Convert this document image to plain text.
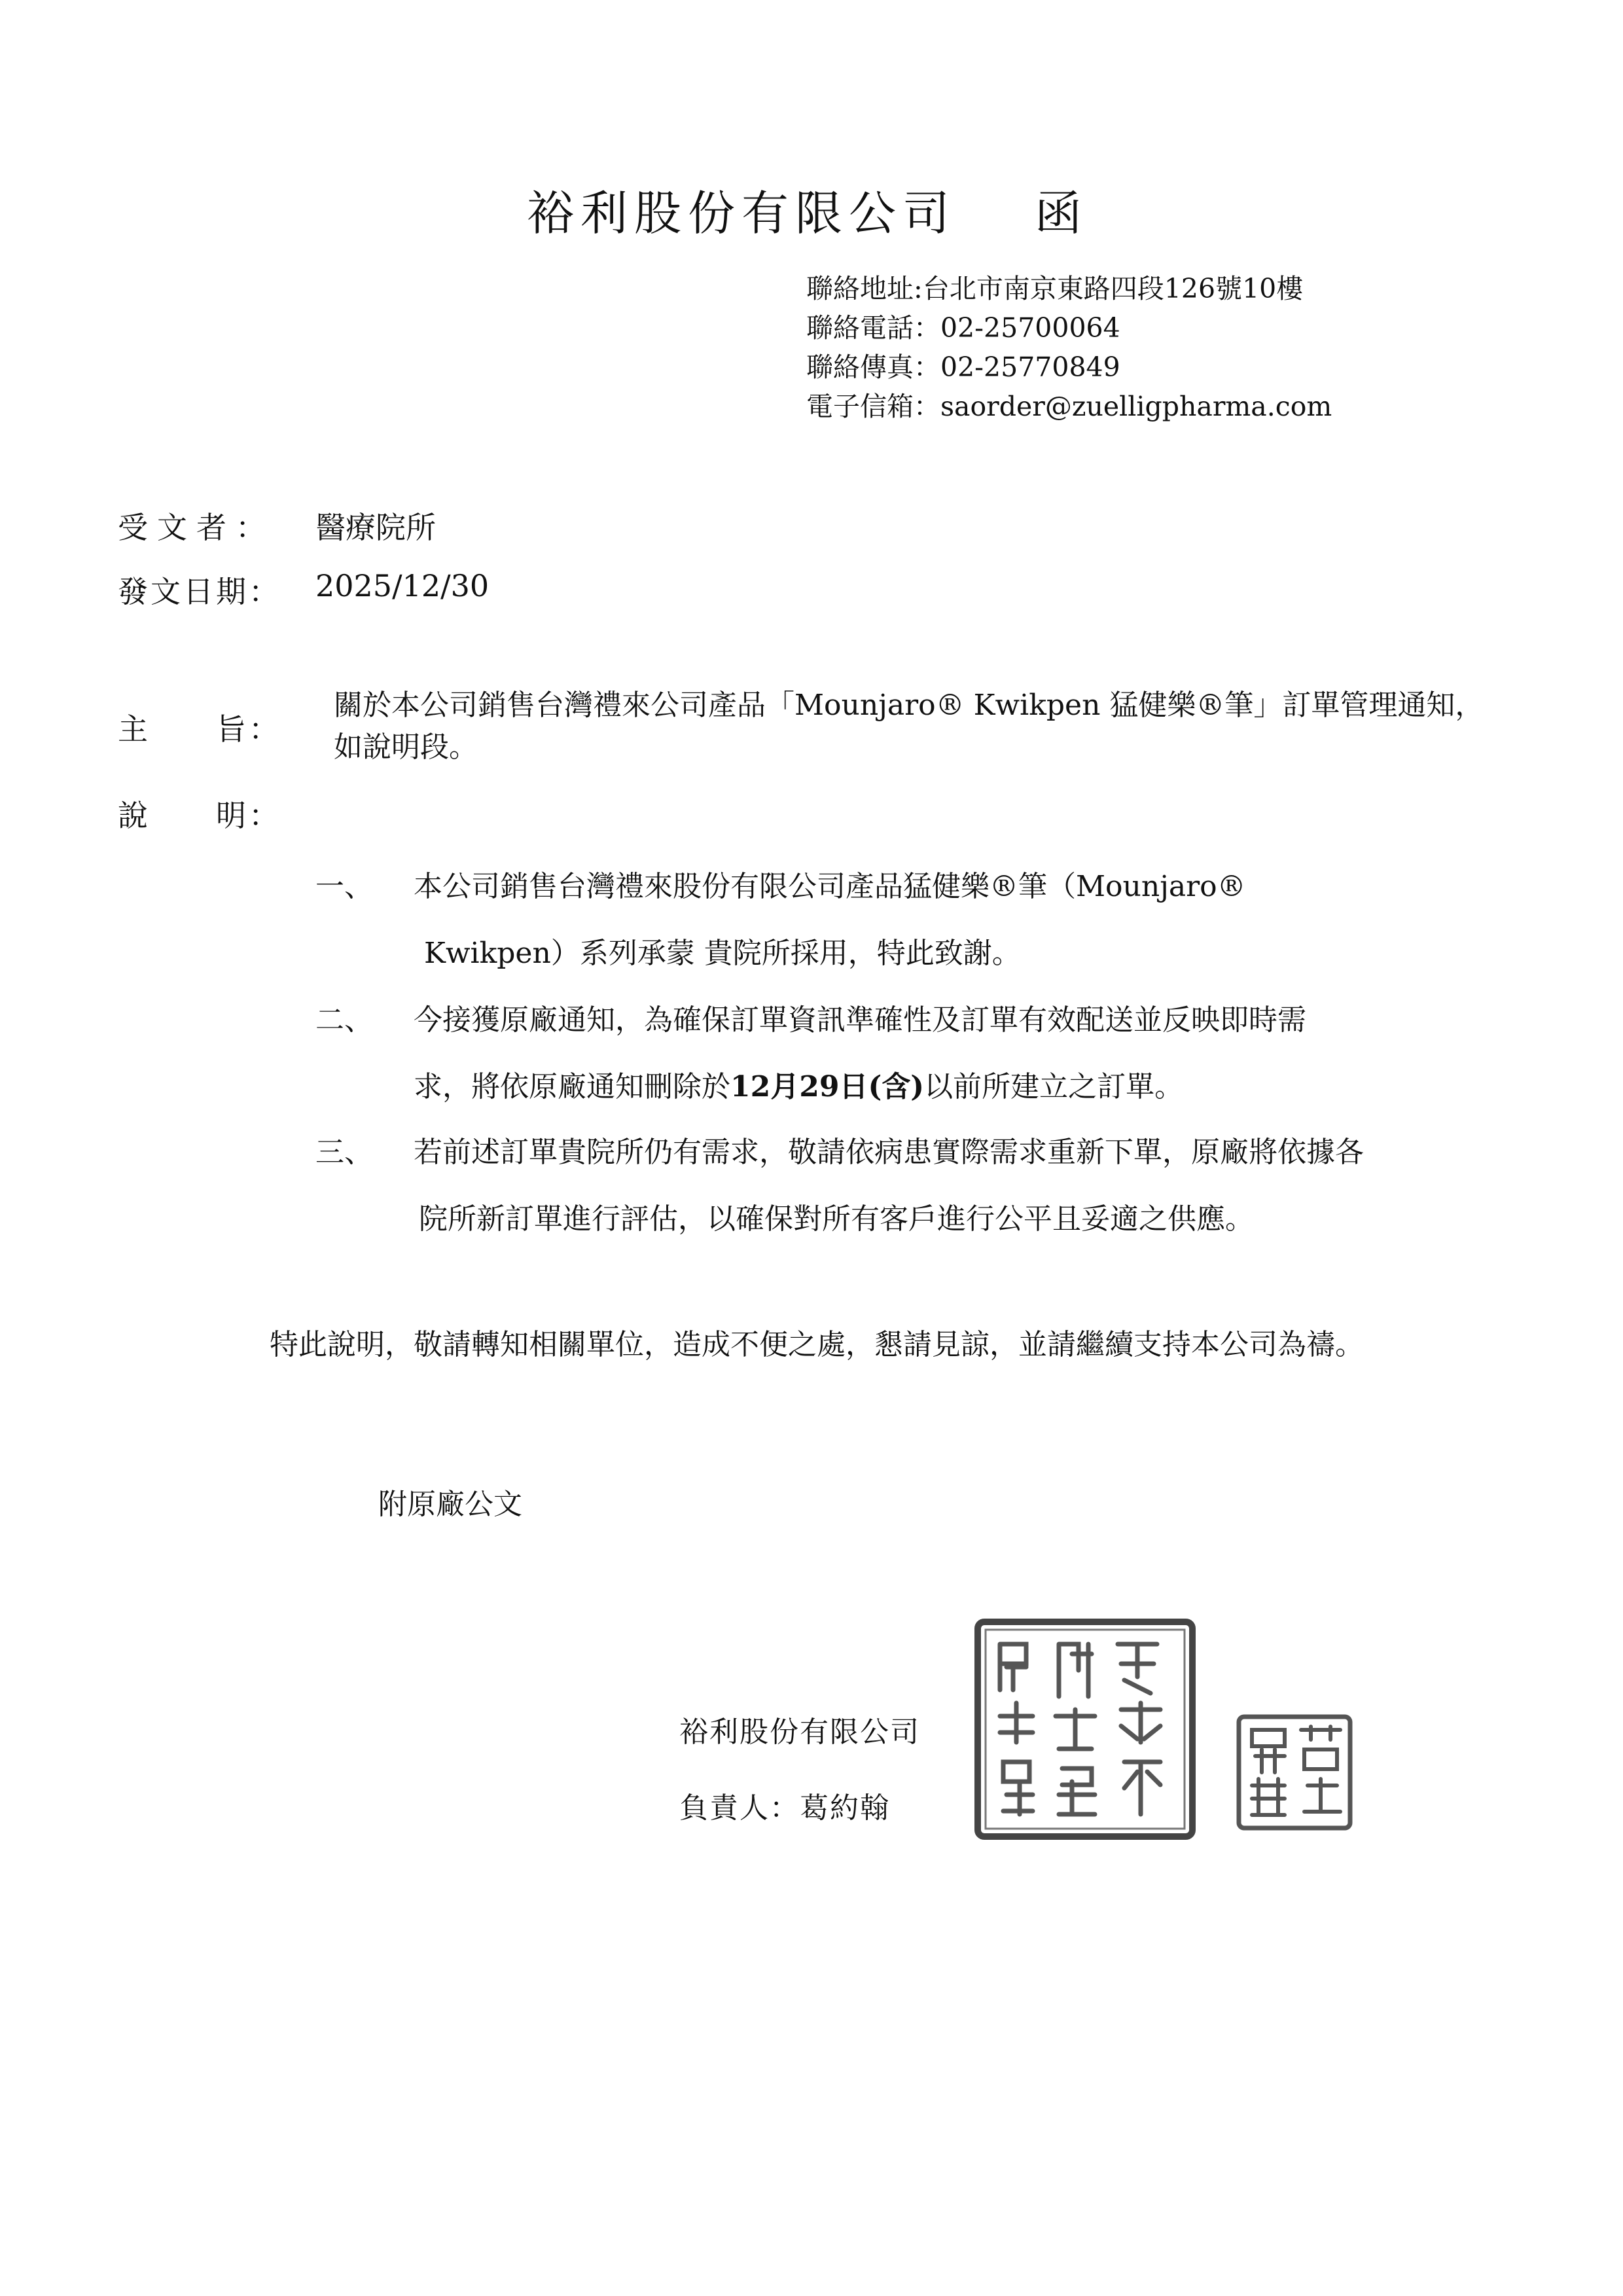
裕利股份有限公司 函
聯絡地址:台北市南京東路四段126號10樓
聯絡電話：02-25700064
聯絡傳真：02-25770849
電子信箱：saorder@zuelligpharma.com
受文者： 醫療院所
發文日期： 2025/12/30
主　　旨：
關於本公司銷售台灣禮來公司產品「Mounjaro® Kwikpen 猛健樂®筆」訂單管理通知，如說明段。
說　　明：
一、 本公司銷售台灣禮來股份有限公司產品猛健樂®筆（Mounjaro®
Kwikpen）系列承蒙 貴院所採用，特此致謝。
二、 今接獲原廠通知，為確保訂單資訊準確性及訂單有效配送並反映即時需
求，將依原廠通知刪除於12月29日(含)以前所建立之訂單。
三、 若前述訂單貴院所仍有需求，敬請依病患實際需求重新下單，原廠將依據各
院所新訂單進行評估，以確保對所有客戶進行公平且妥適之供應。
特此說明，敬請轉知相關單位，造成不便之處，懇請見諒，並請繼續支持本公司為禱。
附原廠公文
裕利股份有限公司
負責人：葛約翰
